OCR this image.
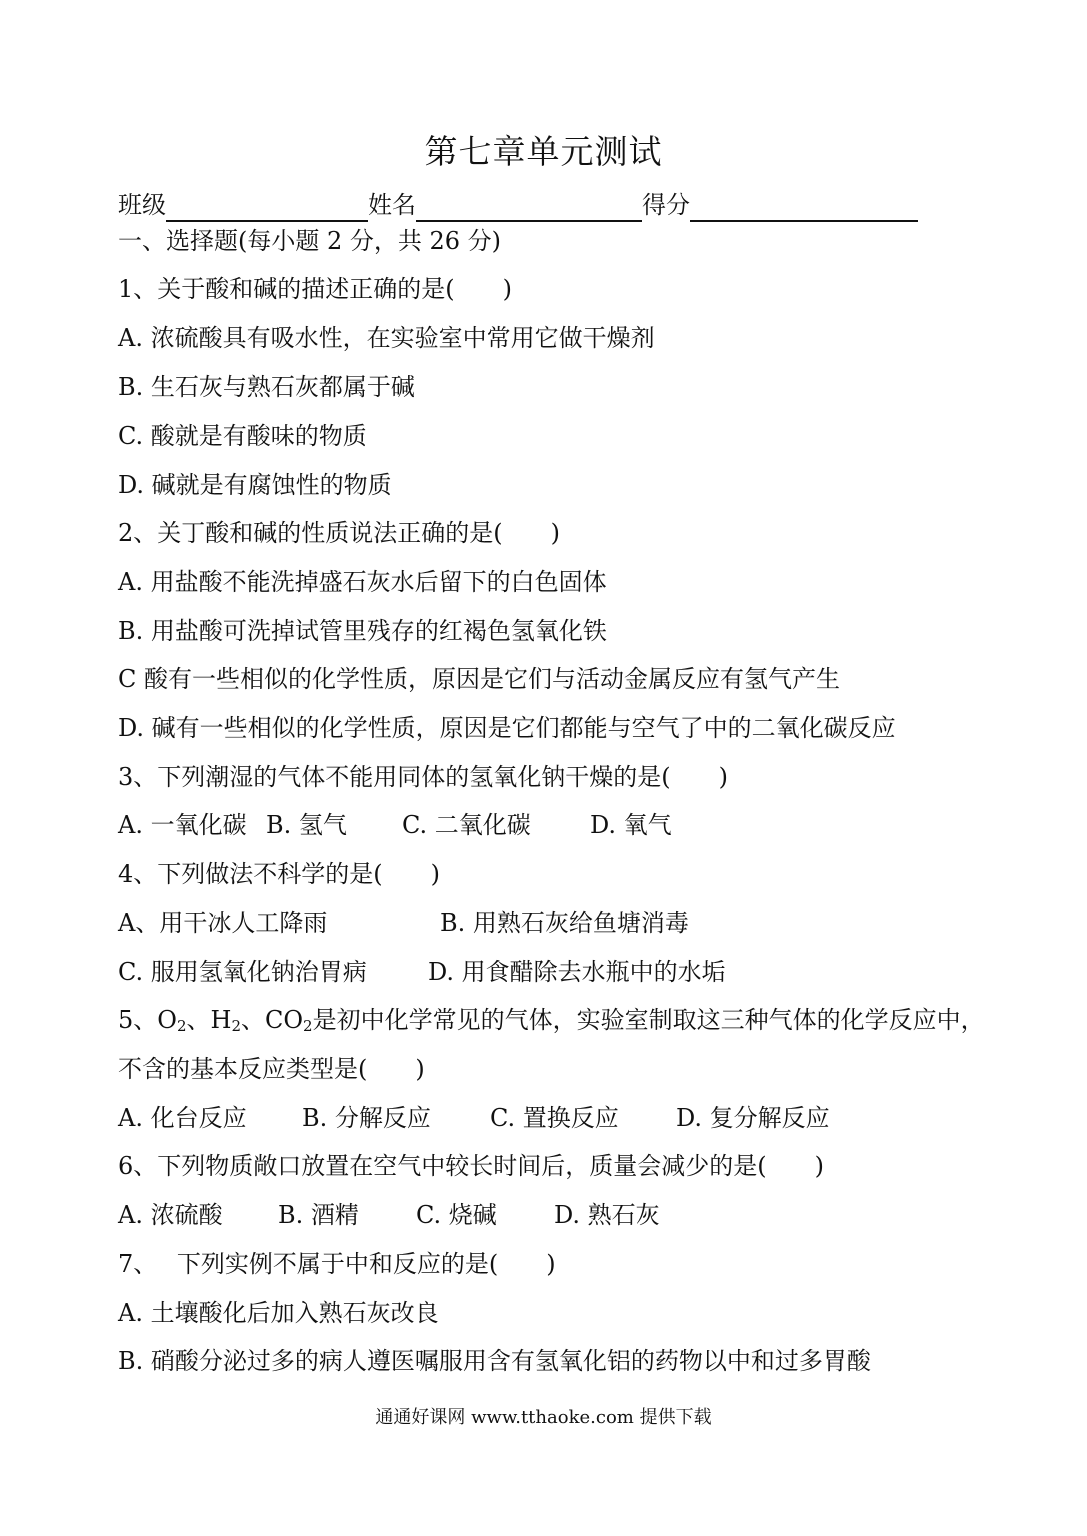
第七章单元测试
班级	姓名	得分
一、选择题(每小题 2 分，共 26 分)
1、关于酸和碱的描述正确的是(　　)
A. 浓硫酸具有吸水性，在实验室中常用它做干燥剂
B. 生石灰与熟石灰都属于碱
C. 酸就是有酸味的物质
D. 碱就是有腐蚀性的物质
2、关丁酸和碱的性质说法正确的是(　　)
A. 用盐酸不能洗掉盛石灰水后留下的白色固体
B. 用盐酸可洗掉试管里残存的红褐色氢氧化铁
C 酸有一些相似的化学性质，原因是它们与活动金属反应有氢气产生
D. 碱有一些相似的化学性质，原因是它们都能与空气了中的二氧化碳反应
3、下列潮湿的气体不能用同体的氢氧化钠干燥的是(　　)
A. 一氧化碳 B. 氢气 C. 二氧化碳 D. 氧气
4、下列做法不科学的是(　　)
A、用干冰人工降雨	B. 用熟石灰给鱼塘消毒
C. 服用氢氧化钠治胃病	D. 用食醋除去水瓶中的水垢
5、$O_2$、$H_2$、$CO_2$是初中化学常见的气体，实验室制取这三种气体的化学反应中，
不含的基本反应类型是(　　)
A. 化台反应 B. 分解反应 C. 置换反应 D. 复分解反应
6、下列物质敞口放置在空气中较长时间后，质量会减少的是(　　)
A. 浓硫酸 B. 酒精 C. 烧碱 D. 熟石灰
7、　 下列实例不属于中和反应的是(　　)
A. 土壤酸化后加入熟石灰改良
B. 硝酸分泌过多的病人遵医嘱服用含有氢氧化铝的药物以中和过多胃酸
通通好课网 www.tthaoke.com 提供下载
